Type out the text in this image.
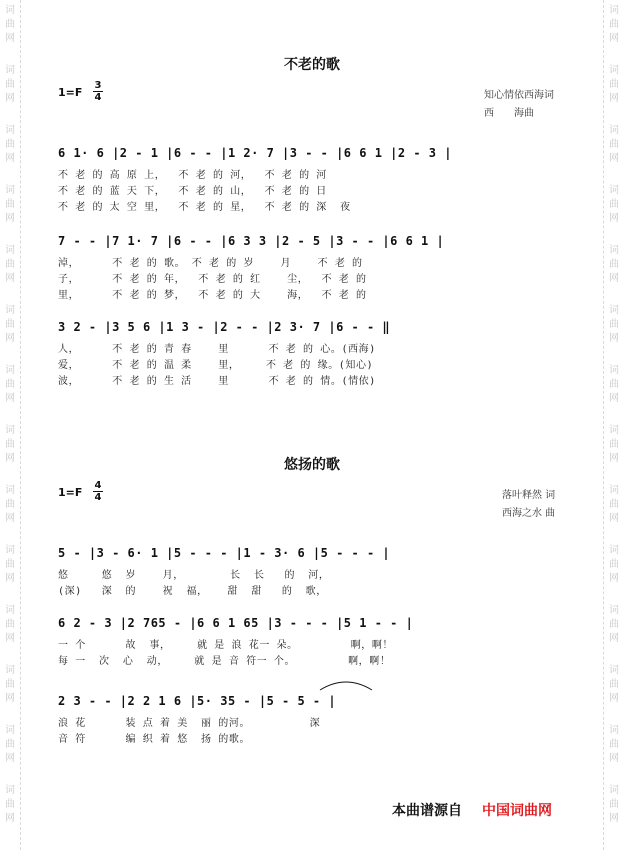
词
曲
网
词
曲
网
词
曲
网
词
曲
网
词
曲
网
词
曲
网
词
曲
网
词
曲
网
词
曲
网
词
曲
网
词
曲
网
词
曲
网
词
曲
网
词
曲
网
词
曲
网
词
曲
网
词
曲
网
词
曲
网
词
曲
网
词
曲
网
词
曲
网
词
曲
网
词
曲
网
词
曲
网
词
曲
网
词
曲
网
词
曲
网
词
曲
网
不老的歌
1=F
3
4	知心情依西海词
西　　海曲
6 1· 6 |2 - 1 |6 - - |1 2· 7 |3 - - |6 6 1 |2 - 3 |
不 老 的 高 原 上，  不 老 的 河，  不 老 的 河
不 老 的 蓝 天 下，  不 老 的 山，  不 老 的 日
不 老 的 太 空 里，  不 老 的 星，  不 老 的 深  夜
7 - - |7 1· 7 |6 - - |6 3 3 |2 - 5 |3 - - |6 6 1 |
淖，     不 老 的 歌。 不 老 的 岁    月    不 老 的
子，     不 老 的 年，  不 老 的 红    尘，  不 老 的
里，     不 老 的 梦，  不 老 的 大    海，  不 老 的
3 2 - |3 5 6 |1 3 - |2 - - |2 3· 7 |6 - - ‖
人，     不 老 的 青 春    里      不 老 的 心。(西海)
爱，     不 老 的 温 柔    里，    不 老 的 缘。(知心)
波，     不 老 的 生 活    里      不 老 的 情。(情依)
悠扬的歌
1=F
4
4	落叶释然 词
西海之水 曲
5 - |3 - 6· 1 |5 - - - |1 - 3· 6 |5 - - - |
悠     悠  岁    月，       长  长   的  河，
(深)   深  的    祝  福，   甜  甜   的  歌，
6 2 - 3 |2 765 - |6 6 1 65 |3 - - - |5 1 - - |
一 个      故  事，    就 是 浪 花一 朵。        啊，啊！
每 一  次  心  动，    就 是 音 符一 个。        啊，啊！
2 3 - - |2 2 1 6 |5· 35 - |5 - 5 - |
浪 花      装 点 着 美  丽 的河。         深
音 符      编 织 着 悠  扬 的歌。
本曲谱源自 中国词曲网
